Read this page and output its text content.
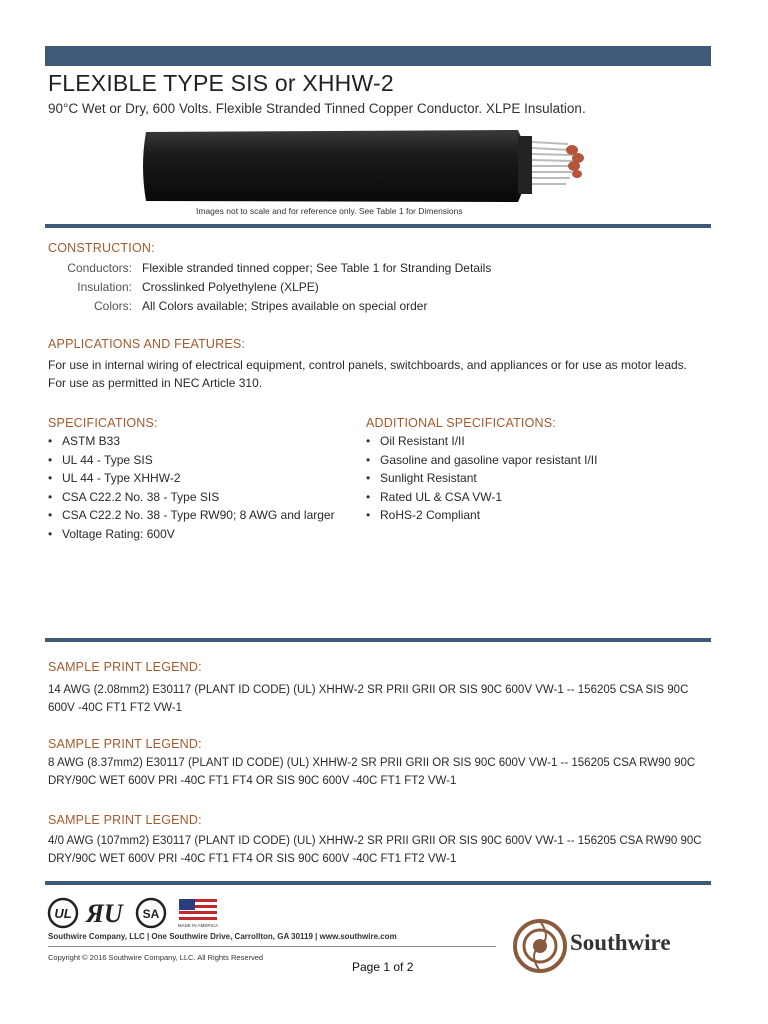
FLEXIBLE TYPE SIS or XHHW-2
90°C Wet or Dry, 600 Volts. Flexible Stranded Tinned Copper Conductor. XLPE Insulation.
Images not to scale and for reference only. See Table 1 for Dimensions
CONSTRUCTION:
Conductors: Flexible stranded tinned copper; See Table 1 for Stranding Details
Insulation: Crosslinked Polyethylene (XLPE)
Colors: All Colors available; Stripes available on special order
APPLICATIONS AND FEATURES:
For use in internal wiring of electrical equipment, control panels, switchboards, and appliances or for use as motor leads.
For use as permitted in NEC Article 310.
SPECIFICATIONS:
• ASTM B33
• UL 44 - Type SIS
• UL 44 - Type XHHW-2
• CSA C22.2 No. 38 - Type SIS
• CSA C22.2 No. 38 - Type RW90; 8 AWG and larger
• Voltage Rating: 600V
ADDITIONAL SPECIFICATIONS:
• Oil Resistant I/II
• Gasoline and gasoline vapor resistant I/II
• Sunlight Resistant
• Rated UL & CSA VW-1
• RoHS-2 Compliant
SAMPLE PRINT LEGEND:
14 AWG (2.08mm2) E30117 (PLANT ID CODE) (UL) XHHW-2 SR PRII GRII OR SIS 90C 600V VW-1 -- 156205 CSA SIS 90C 600V -40C FT1 FT2 VW-1
SAMPLE PRINT LEGEND:
8 AWG (8.37mm2) E30117 (PLANT ID CODE) (UL) XHHW-2 SR PRII GRII OR SIS 90C 600V VW-1 -- 156205 CSA RW90 90C DRY/90C WET 600V PRI -40C FT1 FT4 OR SIS 90C 600V -40C FT1 FT2 VW-1
SAMPLE PRINT LEGEND:
4/0 AWG (107mm2) E30117 (PLANT ID CODE) (UL) XHHW-2 SR PRII GRII OR SIS 90C 600V VW-1 -- 156205 CSA RW90 90C DRY/90C WET 600V PRI -40C FT1 FT4 OR SIS 90C 600V -40C FT1 FT2 VW-1
UL ЯU SA
MADE IN AMERICA
Southwire Company, LLC | One Southwire Drive, Carrollton, GA 30119 | www.southwire.com
Copyright © 2016 Southwire Company, LLC. All Rights Reserved
Page 1 of 2
Southwire
